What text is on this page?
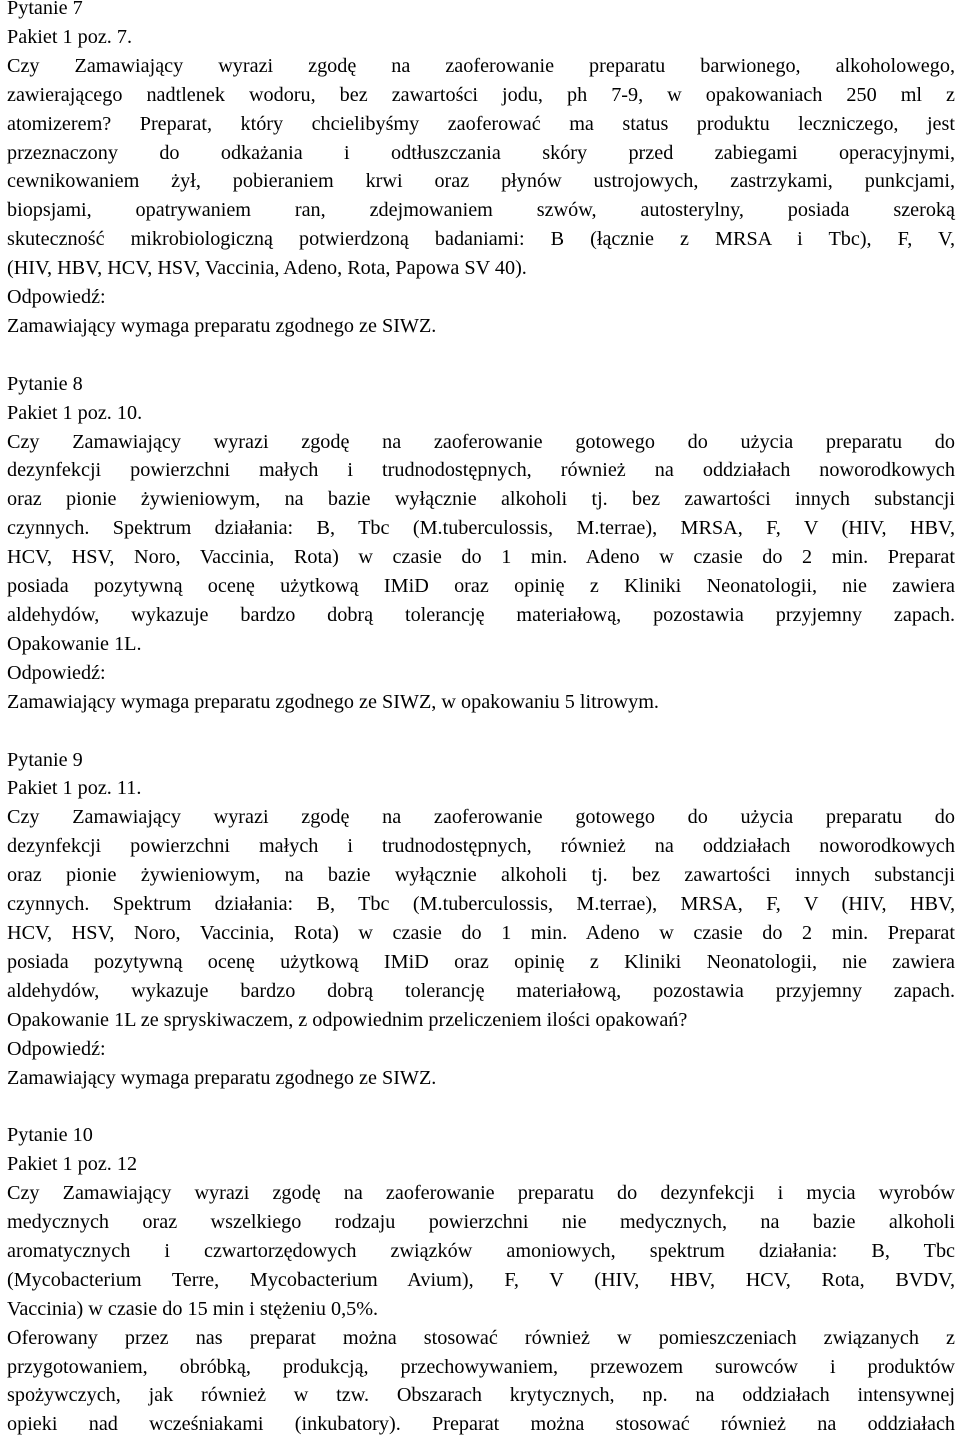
Pytanie 7
Pakiet 1 poz. 7.
Czy Zamawiający wyrazi zgodę na zaoferowanie preparatu barwionego, alkoholowego,
zawierającego nadtlenek wodoru, bez zawartości jodu, ph 7-9, w opakowaniach 250 ml z
atomizerem? Preparat, który chcielibyśmy zaoferować ma status produktu leczniczego, jest
przeznaczony do odkażania i odtłuszczania skóry przed zabiegami operacyjnymi,
cewnikowaniem żył, pobieraniem krwi oraz płynów ustrojowych, zastrzykami, punkcjami,
biopsjami, opatrywaniem ran, zdejmowaniem szwów, autosterylny, posiada szeroką
skuteczność mikrobiologiczną potwierdzoną badaniami: B (łącznie z MRSA i Tbc), F, V,
(HIV, HBV, HCV, HSV, Vaccinia, Adeno, Rota, Papowa SV 40).
Odpowiedź:
Zamawiający wymaga preparatu zgodnego ze SIWZ.
Pytanie 8
Pakiet 1 poz. 10.
Czy Zamawiający wyrazi zgodę na zaoferowanie gotowego do użycia preparatu do
dezynfekcji powierzchni małych i trudnodostępnych, również na oddziałach noworodkowych
oraz pionie żywieniowym, na bazie wyłącznie alkoholi tj. bez zawartości innych substancji
czynnych. Spektrum działania: B, Tbc (M.tuberculossis, M.terrae), MRSA, F, V (HIV, HBV,
HCV, HSV, Noro, Vaccinia, Rota) w czasie do 1 min. Adeno w czasie do 2 min. Preparat
posiada pozytywną ocenę użytkową IMiD oraz opinię z Kliniki Neonatologii, nie zawiera
aldehydów, wykazuje bardzo dobrą tolerancję materiałową, pozostawia przyjemny zapach.
Opakowanie 1L.
Odpowiedź:
Zamawiający wymaga preparatu zgodnego ze SIWZ, w opakowaniu 5 litrowym.
Pytanie 9
Pakiet 1 poz. 11.
Czy Zamawiający wyrazi zgodę na zaoferowanie gotowego do użycia preparatu do
dezynfekcji powierzchni małych i trudnodostępnych, również na oddziałach noworodkowych
oraz pionie żywieniowym, na bazie wyłącznie alkoholi tj. bez zawartości innych substancji
czynnych. Spektrum działania: B, Tbc (M.tuberculossis, M.terrae), MRSA, F, V (HIV, HBV,
HCV, HSV, Noro, Vaccinia, Rota) w czasie do 1 min. Adeno w czasie do 2 min. Preparat
posiada pozytywną ocenę użytkową IMiD oraz opinię z Kliniki Neonatologii, nie zawiera
aldehydów, wykazuje bardzo dobrą tolerancję materiałową, pozostawia przyjemny zapach.
Opakowanie 1L ze spryskiwaczem, z odpowiednim przeliczeniem ilości opakowań?
Odpowiedź:
Zamawiający wymaga preparatu zgodnego ze SIWZ.
Pytanie 10
Pakiet 1 poz. 12
Czy Zamawiający wyrazi zgodę na zaoferowanie preparatu do dezynfekcji i mycia wyrobów
medycznych oraz wszelkiego rodzaju powierzchni nie medycznych, na bazie alkoholi
aromatycznych i czwartorzędowych związków amoniowych, spektrum działania: B, Tbc
(Mycobacterium Terre, Mycobacterium Avium), F, V (HIV, HBV, HCV, Rota, BVDV,
Vaccinia) w czasie do 15 min i stężeniu 0,5%.
Oferowany przez nas preparat można stosować również w pomieszczeniach związanych z
przygotowaniem, obróbką, produkcją, przechowywaniem, przewozem surowców i produktów
spożywczych, jak również w tzw. Obszarach krytycznych, np. na oddziałach intensywnej
opieki nad wcześniakami (inkubatory). Preparat można stosować również na oddziałach
